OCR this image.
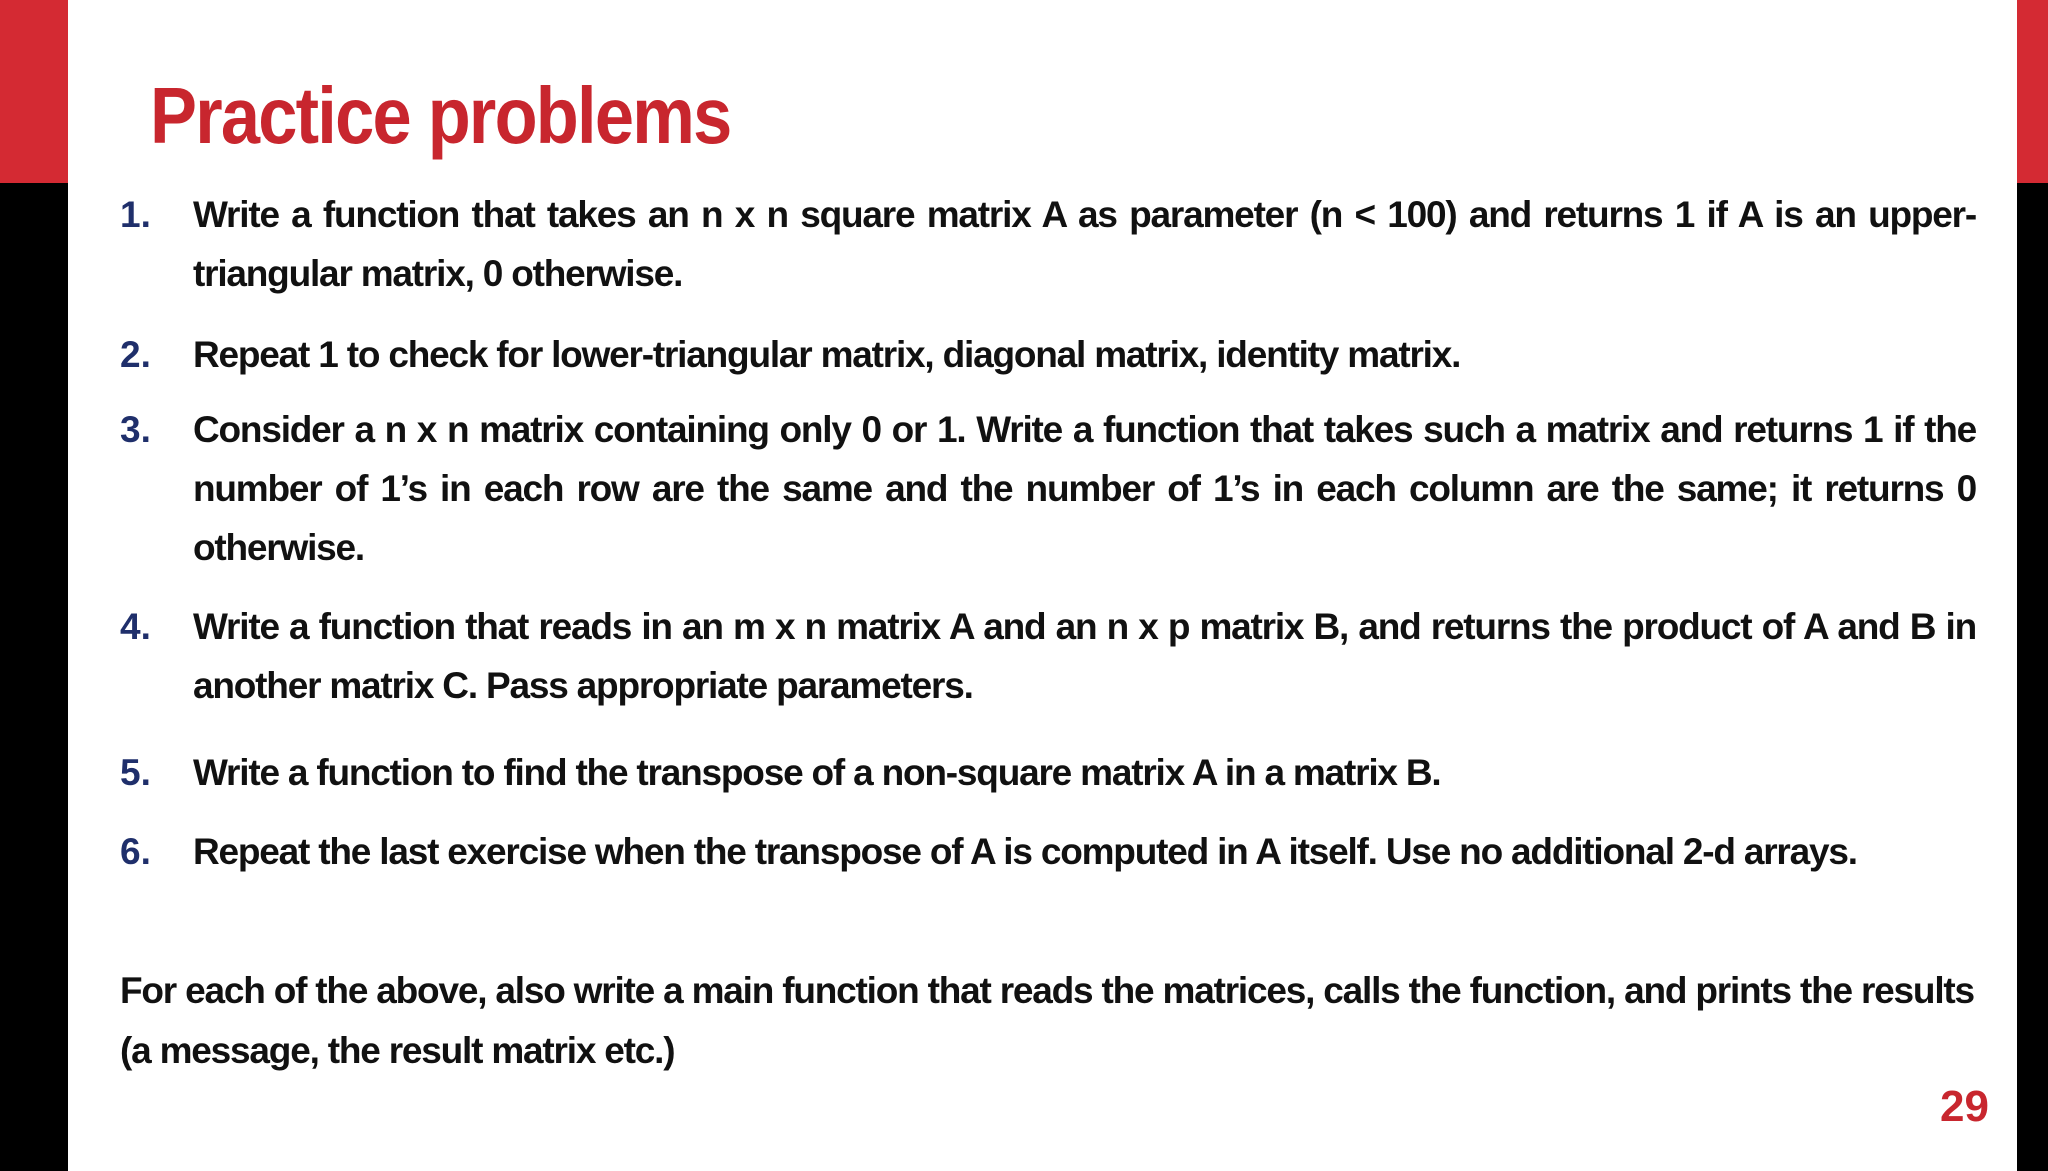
Practice problems
1.	Write a function that takes an n x n square matrix A as parameter (n < 100) and returns 1 if A is an upper-triangular matrix, 0 otherwise.
2.	Repeat 1 to check for lower-triangular matrix, diagonal matrix, identity matrix.
3.	Consider a n x n matrix containing only 0 or 1. Write a function that takes such a matrix and returns 1 if the number of 1’s in each row are the same and the number of 1’s in each column are the same; it returns 0 otherwise.
4.	Write a function that reads in an m x n matrix A and an n x p matrix B, and returns the product of A and B in another matrix C. Pass appropriate parameters.
5.	Write a function to find the transpose of a non-square matrix A in a matrix B.
6.	Repeat the last exercise when the transpose of A is computed in A itself. Use no additional 2-d arrays.

For each of the above, also write a main function that reads the matrices, calls the function, and prints the results (a message, the result matrix etc.)

29
